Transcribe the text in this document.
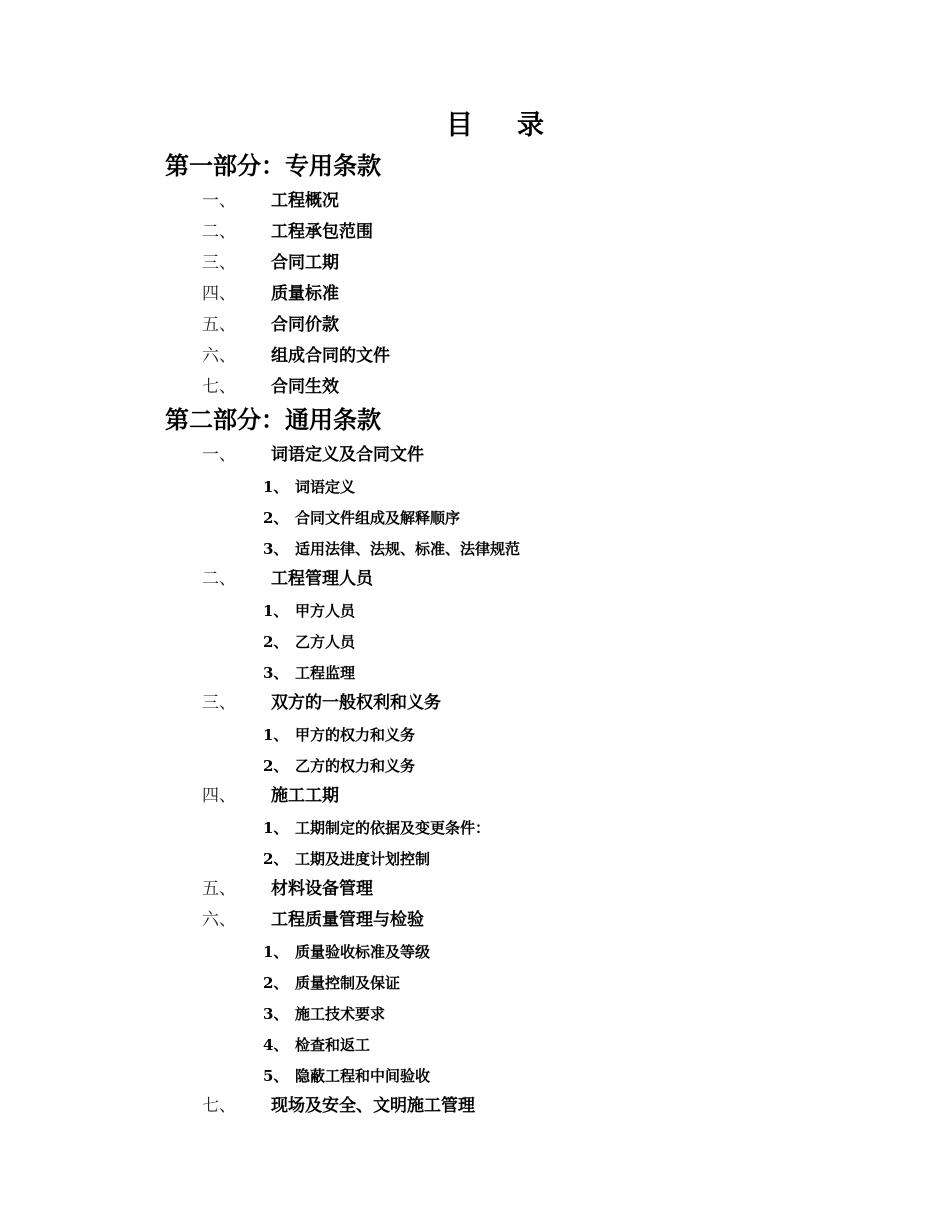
目 录
第一部分：专用条款
一、 工程概况
二、 工程承包范围
三、 合同工期
四、 质量标准
五、 合同价款
六、 组成合同的文件
七、 合同生效
第二部分：通用条款
一、 词语定义及合同文件
1、 词语定义
2、 合同文件组成及解释顺序
3、 适用法律、法规、标准、法律规范
二、 工程管理人员
1、 甲方人员
2、 乙方人员
3、 工程监理
三、 双方的一般权利和义务
1、 甲方的权力和义务
2、 乙方的权力和义务
四、 施工工期
1、 工期制定的依据及变更条件：
2、 工期及进度计划控制
五、 材料设备管理
六、 工程质量管理与检验
1、 质量验收标准及等级
2、 质量控制及保证
3、 施工技术要求
4、 检查和返工
5、 隐蔽工程和中间验收
七、 现场及安全、文明施工管理
